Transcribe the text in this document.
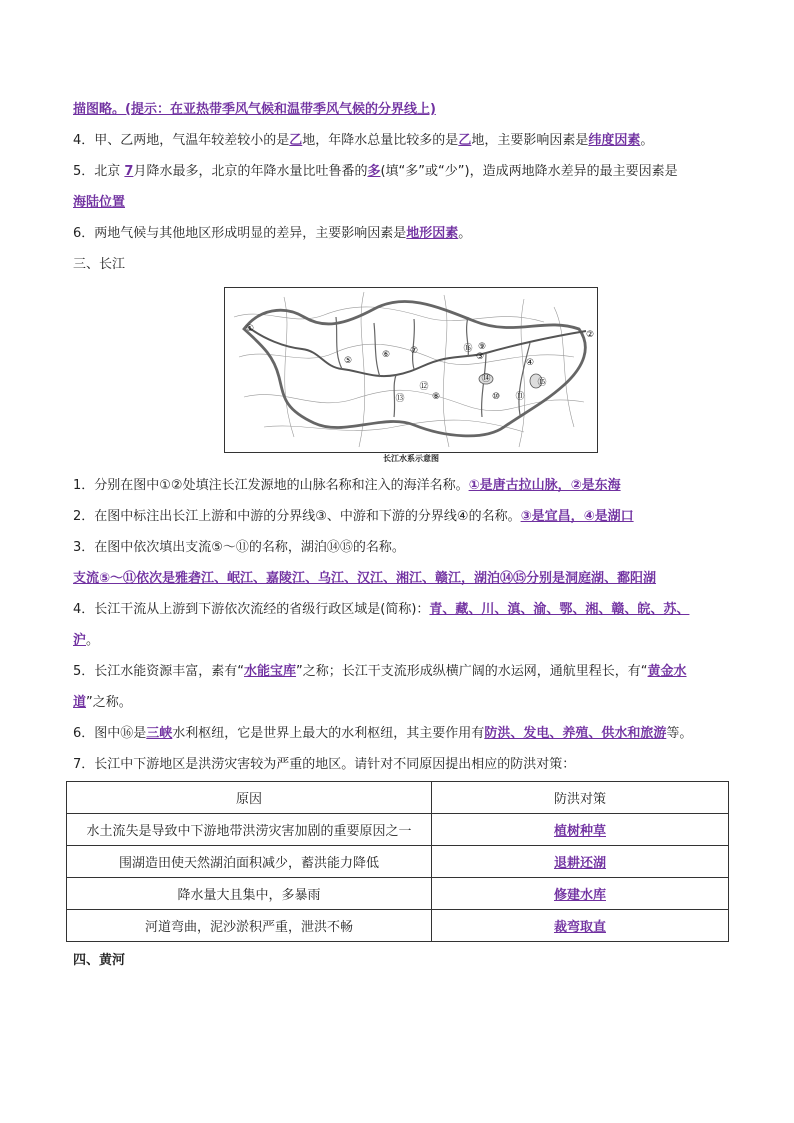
描图略。(提示：在亚热带季风气候和温带季风气候的分界线上)
4．甲、乙两地，气温年较差较小的是乙地，年降水总量比较多的是乙地，主要影响因素是纬度因素。
5．北京 7月降水最多，北京的年降水量比吐鲁番的多(填“多”或“少”)，造成两地降水差异的最主要因素是
海陆位置
6．两地气候与其他地区形成明显的差异，主要影响因素是地形因素。
三、长江
①
②
③
④
⑤
⑥ ⑦
⑧
⑨
⑩ ⑪
⑫
⑬
⑭	⑮
⑯
长江水系示意图
1．分别在图中①②处填注长江发源地的山脉名称和注入的海洋名称。①是唐古拉山脉，②是东海
2．在图中标注出长江上游和中游的分界线③、中游和下游的分界线④的名称。③是宜昌，④是湖口
3．在图中依次填出支流⑤～⑪的名称，湖泊⑭⑮的名称。
支流⑤～⑪依次是雅砻江、岷江、嘉陵江、乌江、汉江、湘江、赣江，湖泊⑭⑮分别是洞庭湖、鄱阳湖
4．长江干流从上游到下游依次流经的省级行政区域是(简称)：青、藏、川、滇、渝、鄂、湘、赣、皖、苏、
沪。
5．长江水能资源丰富，素有“水能宝库”之称；长江干支流形成纵横广阔的水运网，通航里程长，有“黄金水
道”之称。
6．图中⑯是三峡水利枢纽，它是世界上最大的水利枢纽，其主要作用有防洪、发电、养殖、供水和旅游等。
7．长江中下游地区是洪涝灾害较为严重的地区。请针对不同原因提出相应的防洪对策：
原因	防洪对策
水土流失是导致中下游地带洪涝灾害加剧的重要原因之一	植树种草
围湖造田使天然湖泊面积减少，蓄洪能力降低	退耕还湖
降水量大且集中，多暴雨	修建水库
河道弯曲，泥沙淤积严重，泄洪不畅	裁弯取直
四、黄河
